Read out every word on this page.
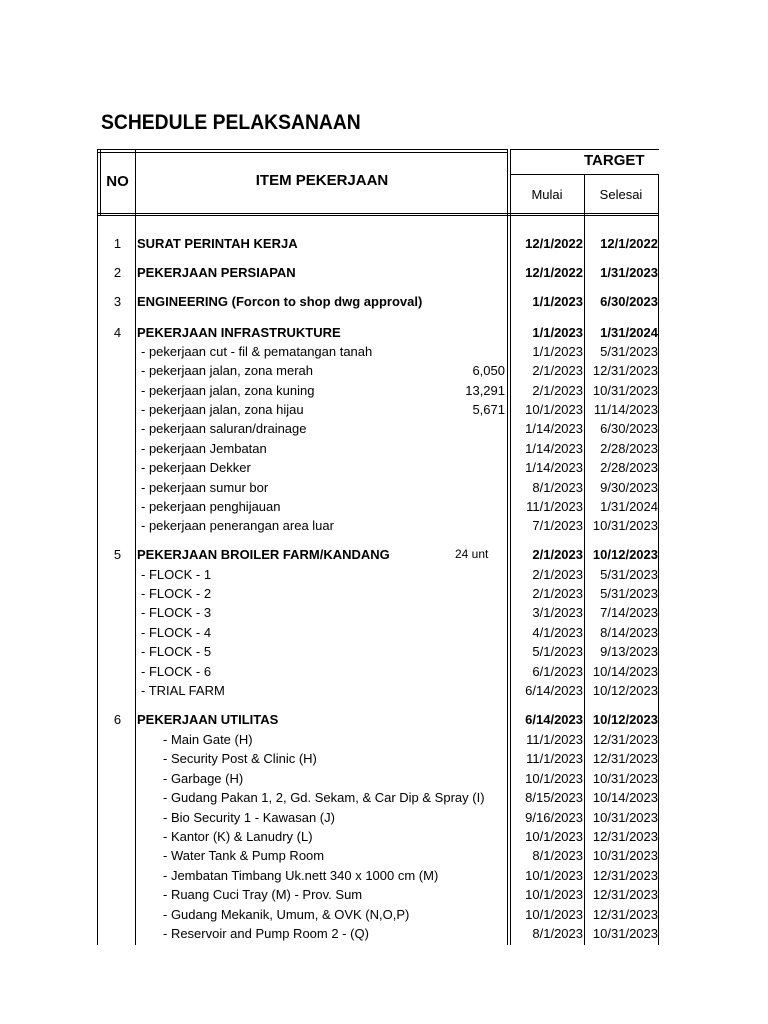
SCHEDULE PELAKSANAAN
NO	ITEM PEKERJAAN
TARGET
Mulai	Selesai
1	SURAT PERINTAH KERJA	12/1/2022	12/1/2022
2	PEKERJAAN PERSIAPAN	12/1/2022	1/31/2023
3	ENGINEERING (Forcon to shop dwg approval)	1/1/2023	6/30/2023
4	PEKERJAAN INFRASTRUKTURE	1/1/2023	1/31/2024
- pekerjaan cut - fil & pematangan tanah	1/1/2023	5/31/2023
- pekerjaan jalan, zona merah	6,050	2/1/2023 12/31/2023
- pekerjaan jalan, zona kuning	13,291	2/1/2023 10/31/2023
- pekerjaan jalan, zona hijau	5,671	10/1/2023 11/14/2023
- pekerjaan saluran/drainage	1/14/2023	6/30/2023
- pekerjaan Jembatan	1/14/2023	2/28/2023
- pekerjaan Dekker	1/14/2023	2/28/2023
- pekerjaan sumur bor	8/1/2023	9/30/2023
- pekerjaan penghijauan	11/1/2023	1/31/2024
- pekerjaan penerangan area luar	7/1/2023 10/31/2023
5	PEKERJAAN BROILER FARM/KANDANG	24 unt	2/1/2023 10/12/2023
- FLOCK - 1	2/1/2023	5/31/2023
- FLOCK - 2	2/1/2023	5/31/2023
- FLOCK - 3	3/1/2023	7/14/2023
- FLOCK - 4	4/1/2023	8/14/2023
- FLOCK - 5	5/1/2023	9/13/2023
- FLOCK - 6	6/1/2023 10/14/2023
- TRIAL FARM	6/14/2023 10/12/2023
6	PEKERJAAN UTILITAS	6/14/2023 10/12/2023
- Main Gate (H)	11/1/2023 12/31/2023
- Security Post & Clinic (H)	11/1/2023 12/31/2023
- Garbage (H)	10/1/2023 10/31/2023
- Gudang Pakan 1, 2, Gd. Sekam, & Car Dip & Spray (I)	8/15/2023 10/14/2023
- Bio Security 1 - Kawasan (J)	9/16/2023 10/31/2023
- Kantor (K) & Lanudry (L)	10/1/2023 12/31/2023
- Water Tank & Pump Room	8/1/2023 10/31/2023
- Jembatan Timbang Uk.nett 340 x 1000 cm (M)	10/1/2023 12/31/2023
- Ruang Cuci Tray (M) - Prov. Sum	10/1/2023 12/31/2023
- Gudang Mekanik, Umum, & OVK (N,O,P)	10/1/2023 12/31/2023
- Reservoir and Pump Room 2 - (Q)	8/1/2023 10/31/2023
